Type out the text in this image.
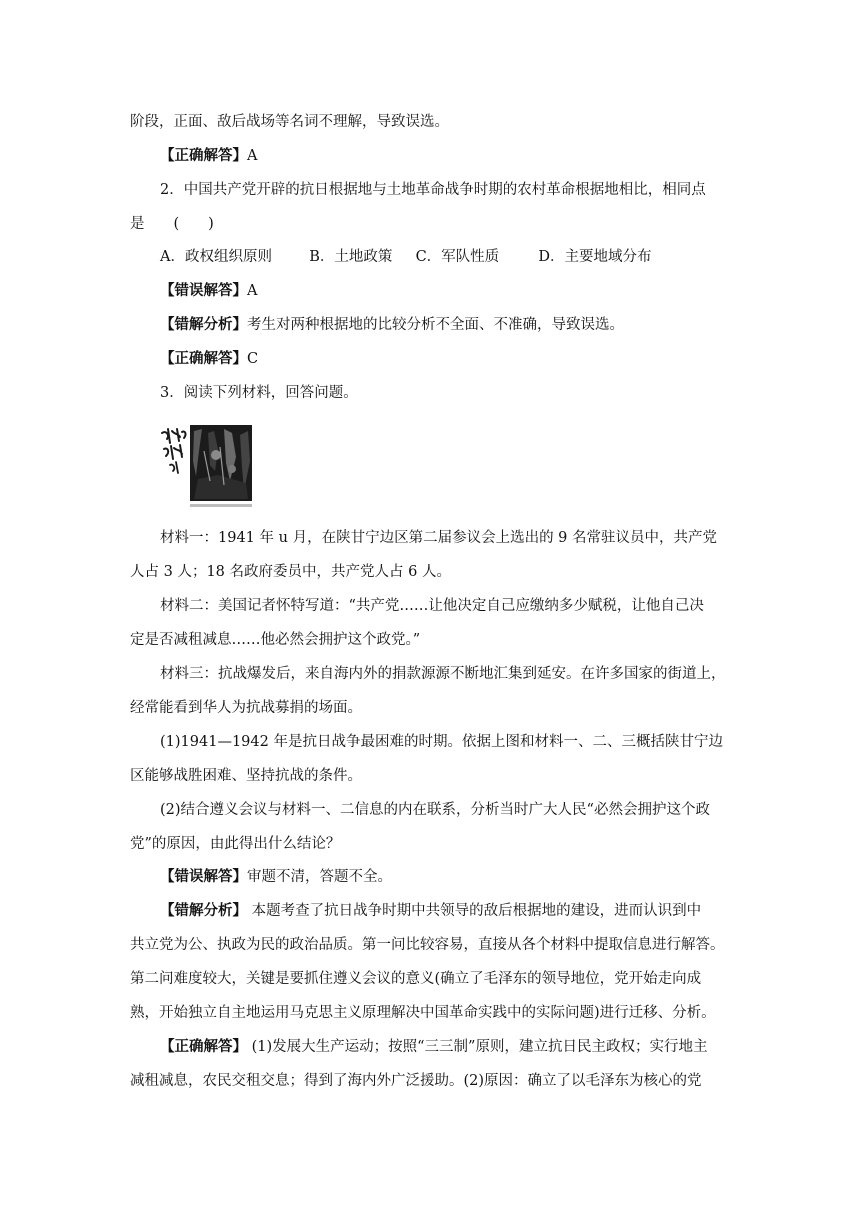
阶段，正面、敌后战场等名词不理解，导致误选。
【正确解答】A
2．中国共产党开辟的抗日根据地与土地革命战争时期的农村革命根据地相比，相同点
是　　(　　)
A．政权组织原则	B．土地政策 C．军队性质	D．主要地域分布
【错误解答】A
【错解分析】考生对两种根据地的比较分析不全面、不准确，导致误选。
【正确解答】C
3．阅读下列材料，回答问题。
材料一：1941 年 u 月，在陕甘宁边区第二届参议会上选出的 9 名常驻议员中，共产党
人占 3 人；18 名政府委员中，共产党人占 6 人。
材料二：美国记者怀特写道：“共产党……让他决定自己应缴纳多少赋税，让他自己决
定是否减租减息……他必然会拥护这个政党。”
材料三：抗战爆发后，来自海内外的捐款源源不断地汇集到延安。在许多国家的街道上，
经常能看到华人为抗战募捐的场面。
(1)1941—1942 年是抗日战争最困难的时期。依据上图和材料一、二、三概括陕甘宁边
区能够战胜困难、坚持抗战的条件。
(2)结合遵义会议与材料一、二信息的内在联系，分析当时广大人民“必然会拥护这个政
党”的原因，由此得出什么结论？
【错误解答】审题不清，答题不全。
【错解分析】 本题考查了抗日战争时期中共领导的敌后根据地的建设，进而认识到中
共立党为公、执政为民的政治品质。第一问比较容易，直接从各个材料中提取信息进行解答。
第二问难度较大，关键是要抓住遵义会议的意义(确立了毛泽东的领导地位，党开始走向成
熟，开始独立自主地运用马克思主义原理解决中国革命实践中的实际问题)进行迁移、分析。
【正确解答】 (1)发展大生产运动；按照“三三制”原则，建立抗日民主政权；实行地主
减租减息，农民交租交息；得到了海内外广泛援助。(2)原因：确立了以毛泽东为核心的党
